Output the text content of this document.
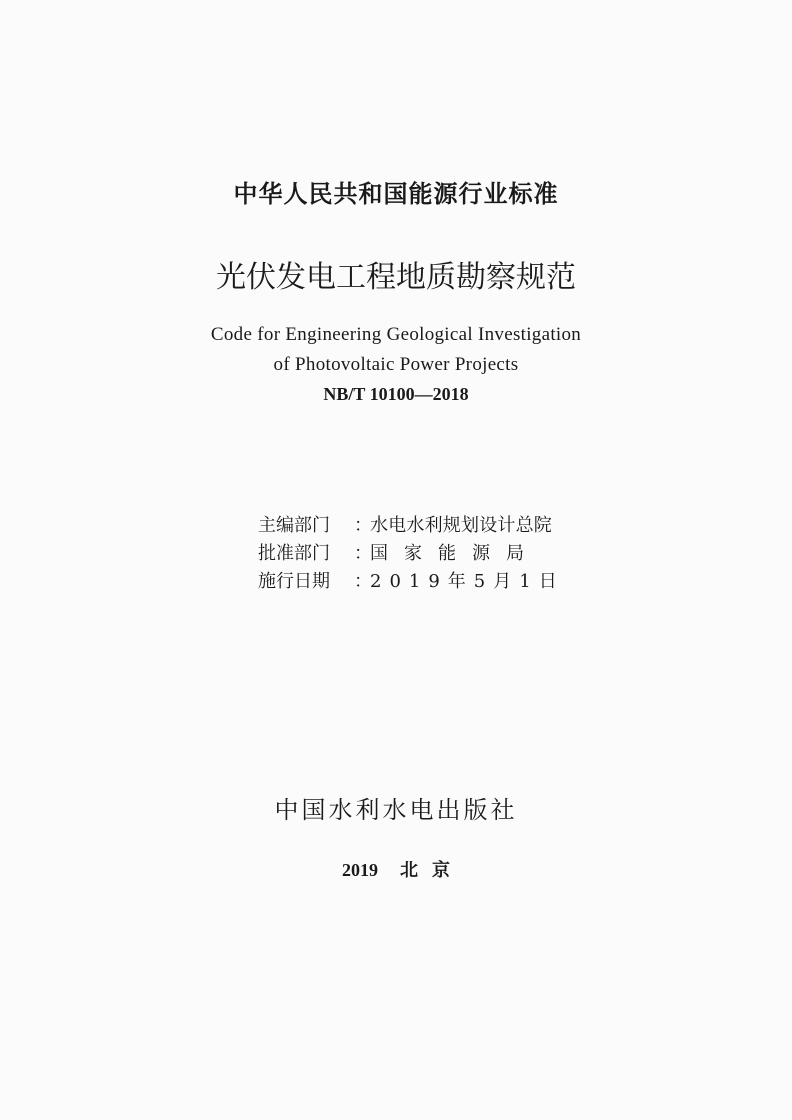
中华人民共和国能源行业标准
光伏发电工程地质勘察规范
Code for Engineering Geological Investigation
of Photovoltaic Power Projects
NB/T 10100—2018
主编部门 ：水电水利规划设计总院
批准部门 ：国家能源局
施行日期 ：2019年5月1日
中国水利水电出版社
2019 北 京
